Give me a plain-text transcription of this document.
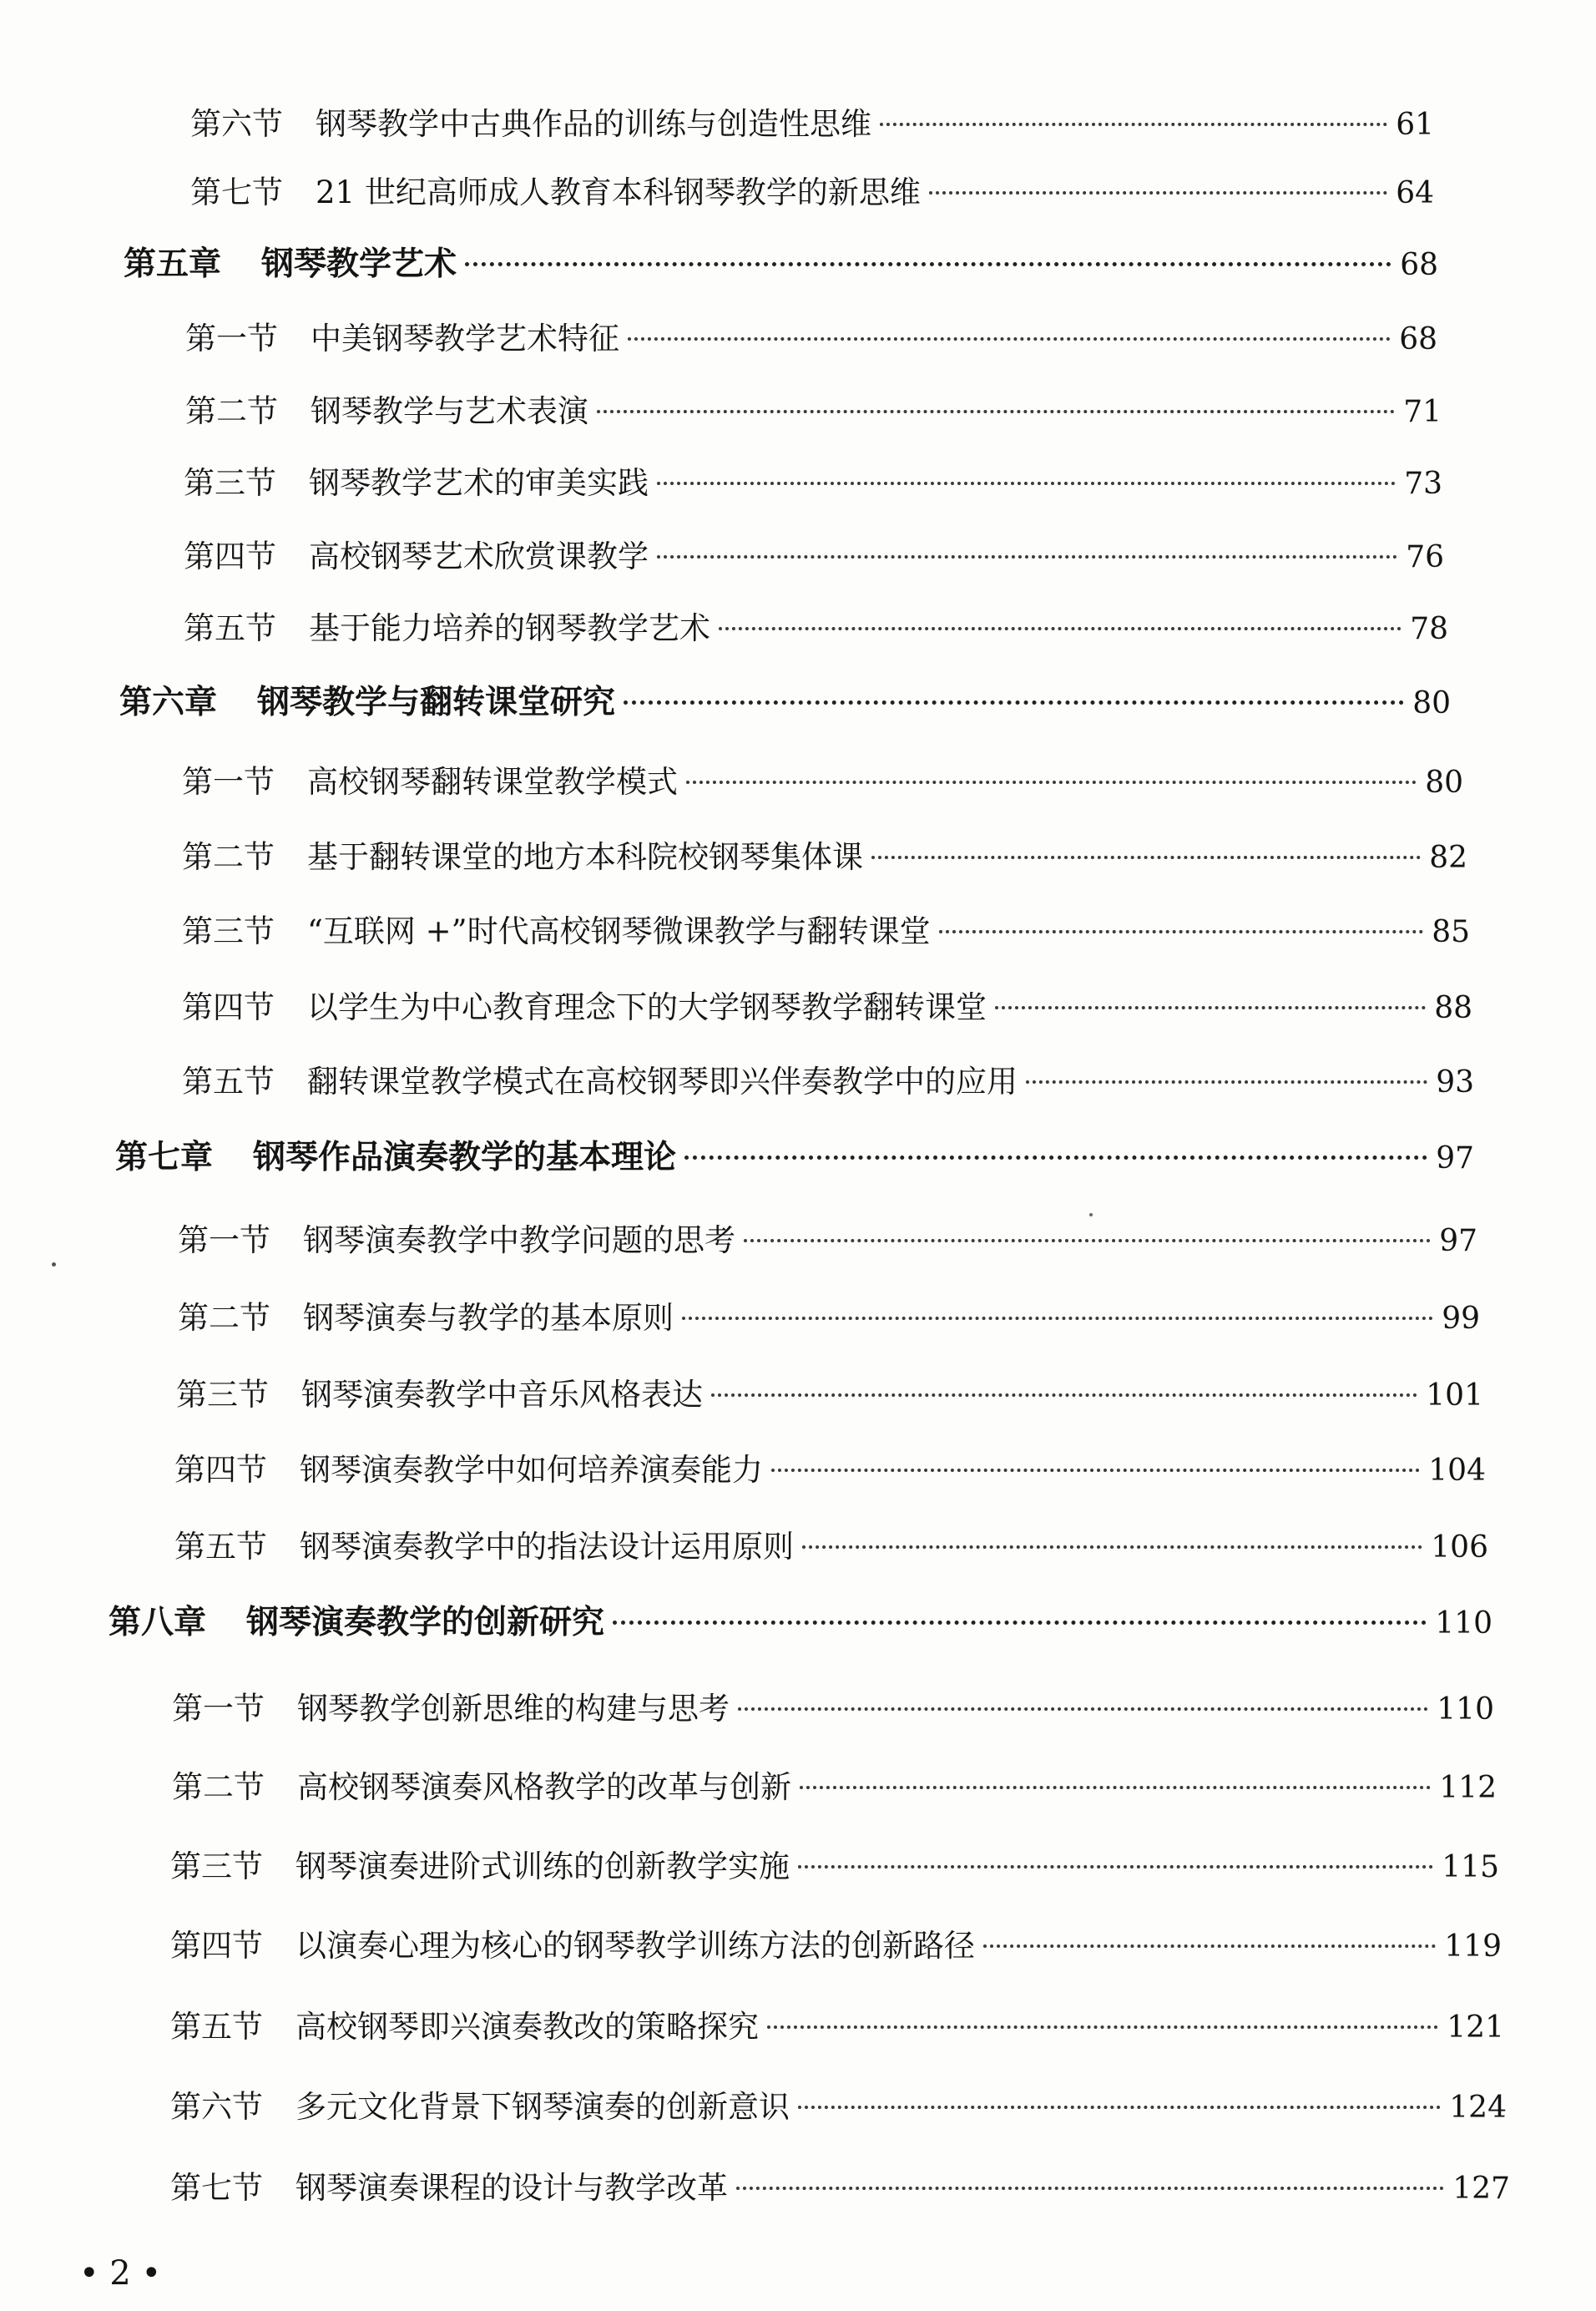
第六节	钢琴教学中古典作品的训练与创造性思维	61
第七节	21 世纪高师成人教育本科钢琴教学的新思维	64
第五章	钢琴教学艺术	68
第一节	中美钢琴教学艺术特征	68
第二节	钢琴教学与艺术表演	71
第三节	钢琴教学艺术的审美实践	73
第四节	高校钢琴艺术欣赏课教学	76
第五节	基于能力培养的钢琴教学艺术	78
第六章	钢琴教学与翻转课堂研究	80
第一节	高校钢琴翻转课堂教学模式	80
第二节	基于翻转课堂的地方本科院校钢琴集体课	82
第三节	“互联网 +”时代高校钢琴微课教学与翻转课堂	85
第四节	以学生为中心教育理念下的大学钢琴教学翻转课堂	88
第五节	翻转课堂教学模式在高校钢琴即兴伴奏教学中的应用	93
第七章	钢琴作品演奏教学的基本理论	97
第一节	钢琴演奏教学中教学问题的思考	97
第二节	钢琴演奏与教学的基本原则	99
第三节	钢琴演奏教学中音乐风格表达	101
第四节	钢琴演奏教学中如何培养演奏能力	104
第五节	钢琴演奏教学中的指法设计运用原则	106
第八章	钢琴演奏教学的创新研究	110
第一节	钢琴教学创新思维的构建与思考	110
第二节	高校钢琴演奏风格教学的改革与创新	112
第三节	钢琴演奏进阶式训练的创新教学实施	115
第四节	以演奏心理为核心的钢琴教学训练方法的创新路径	119
第五节	高校钢琴即兴演奏教改的策略探究	121
第六节	多元文化背景下钢琴演奏的创新意识	124
第七节	钢琴演奏课程的设计与教学改革	127
• 2 •
